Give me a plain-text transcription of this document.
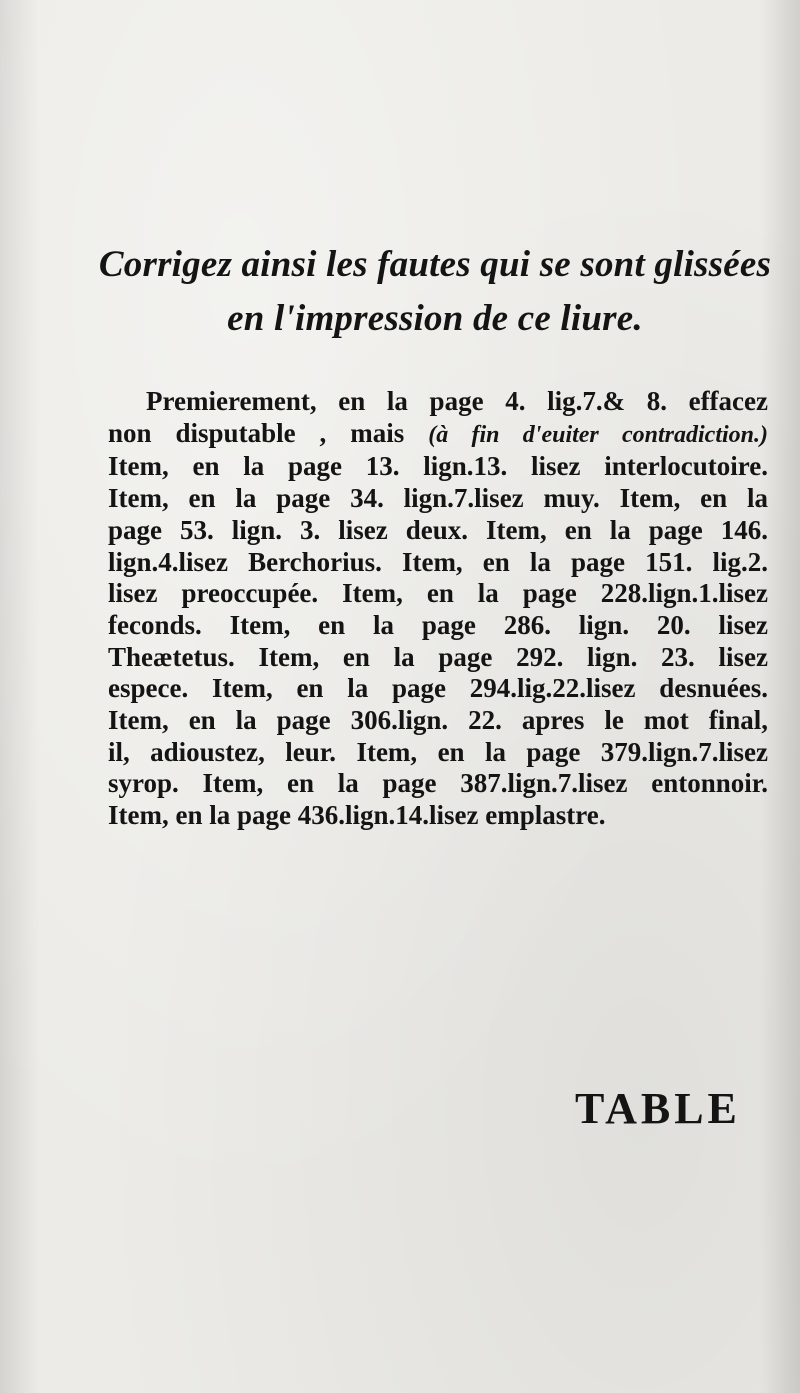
Corrigez ainsi les fautes qui se sont glissées
en l'impression de ce liure.
Premierement, en la page 4. lig.7.& 8. effacez
non disputable , mais (à fin d'euiter contradiction.)
Item, en la page 13. lign.13. lisez interlocutoire.
Item, en la page 34. lign.7.lisez muy. Item, en la
page 53. lign. 3. lisez deux. Item, en la page 146.
lign.4.lisez Berchorius. Item, en la page 151. lig.2.
lisez preoccupée. Item, en la page 228.lign.1.lisez
feconds. Item, en la page 286. lign. 20. lisez
Theætetus. Item, en la page 292. lign. 23. lisez
espece. Item, en la page 294.lig.22.lisez desnuées.
Item, en la page 306.lign. 22. apres le mot final,
il, adioustez, leur. Item, en la page 379.lign.7.lisez
syrop. Item, en la page 387.lign.7.lisez entonnoir.
Item, en la page 436.lign.14.lisez emplastre.
TABLE
